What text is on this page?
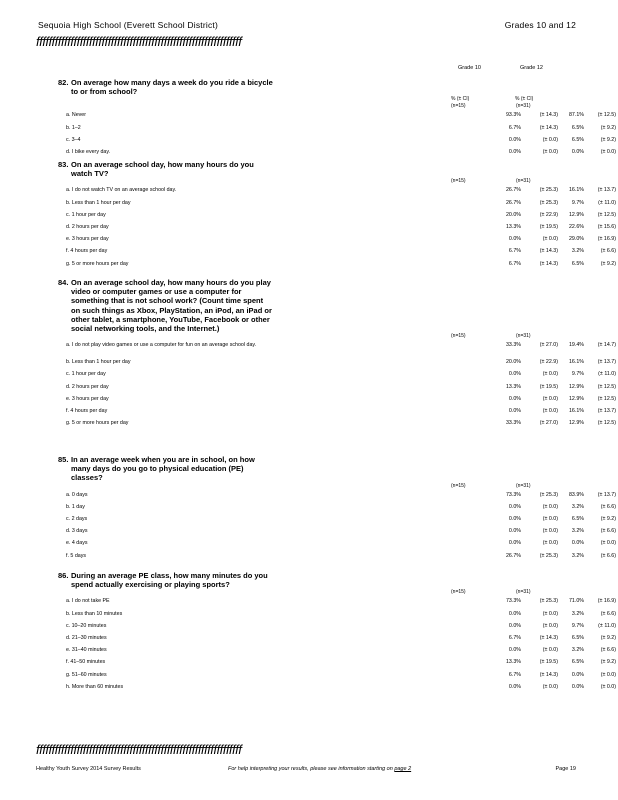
Sequoia High School (Everett School District)	Grades 10 and 12
ffffffffffffffffffffffffffffffffffffffffffffffffffffffffffffffffff
Grade 10	Grade 12
82. On average how many days a week do you ride a bicycle to or from school?
% (± CI)	% (± CI)
(n=15)	(n=31)
a. Never	93.3%	(± 14.3)	87.1%	(± 12.5)
b. 1–2	6.7%	(± 14.3)	6.5%	(± 9.2)
c. 3–4	0.0%	(± 0.0)	6.5%	(± 9.2)
d. I bike every day.	0.0%	(± 0.0)	0.0%	(± 0.0)
83. On an average school day, how many hours do you watch TV?
(n=15)	(n=31)
a. I do not watch TV on an average school day.	26.7%	(± 25.3)	16.1%	(± 13.7)
b. Less than 1 hour per day	26.7%	(± 25.3)	9.7%	(± 11.0)
c. 1 hour per day	20.0%	(± 22.9)	12.9%	(± 12.5)
d. 2 hours per day	13.3%	(± 19.5)	22.6%	(± 15.6)
e. 3 hours per day	0.0%	(± 0.0)	29.0%	(± 16.9)
f. 4 hours per day	6.7%	(± 14.3)	3.2%	(± 6.6)
g. 5 or more hours per day	6.7%	(± 14.3)	6.5%	(± 9.2)
84. On an average school day, how many hours do you play video or computer games or use a computer for something that is not school work? (Count time spent on such things as Xbox, PlayStation, an iPod, an iPad or other tablet, a smartphone, YouTube, Facebook or other social networking tools, and the Internet.)
(n=15)	(n=31)
a. I do not play video games or use a computer for fun on an average school day.	33.3%	(± 27.0)	19.4%	(± 14.7)
b. Less than 1 hour per day	20.0%	(± 22.9)	16.1%	(± 13.7)
c. 1 hour per day	0.0%	(± 0.0)	9.7%	(± 11.0)
d. 2 hours per day	13.3%	(± 19.5)	12.9%	(± 12.5)
e. 3 hours per day	0.0%	(± 0.0)	12.9%	(± 12.5)
f. 4 hours per day	0.0%	(± 0.0)	16.1%	(± 13.7)
g. 5 or more hours per day	33.3%	(± 27.0)	12.9%	(± 12.5)
85. In an average week when you are in school, on how many days do you go to physical education (PE) classes?
(n=15)	(n=31)
a. 0 days	73.3%	(± 25.3)	83.9%	(± 13.7)
b. 1 day	0.0%	(± 0.0)	3.2%	(± 6.6)
c. 2 days	0.0%	(± 0.0)	6.5%	(± 9.2)
d. 3 days	0.0%	(± 0.0)	3.2%	(± 6.6)
e. 4 days	0.0%	(± 0.0)	0.0%	(± 0.0)
f. 5 days	26.7%	(± 25.3)	3.2%	(± 6.6)
86. During an average PE class, how many minutes do you spend actually exercising or playing sports?
(n=15)	(n=31)
a. I do not take PE	73.3%	(± 25.3)	71.0%	(± 16.9)
b. Less than 10 minutes	0.0%	(± 0.0)	3.2%	(± 6.6)
c. 10–20 minutes	0.0%	(± 0.0)	9.7%	(± 11.0)
d. 21–30 minutes	6.7%	(± 14.3)	6.5%	(± 9.2)
e. 31–40 minutes	0.0%	(± 0.0)	3.2%	(± 6.6)
f. 41–50 minutes	13.3%	(± 19.5)	6.5%	(± 9.2)
g. 51–60 minutes	6.7%	(± 14.3)	0.0%	(± 0.0)
h. More than 60 minutes	0.0%	(± 0.0)	0.0%	(± 0.0)
ffffffffffffffffffffffffffffffffffffffffffffffffffffffffffffffffff
Healthy Youth Survey 2014 Survey Results	For help interpreting your results, please see information starting on page 2	Page 19
